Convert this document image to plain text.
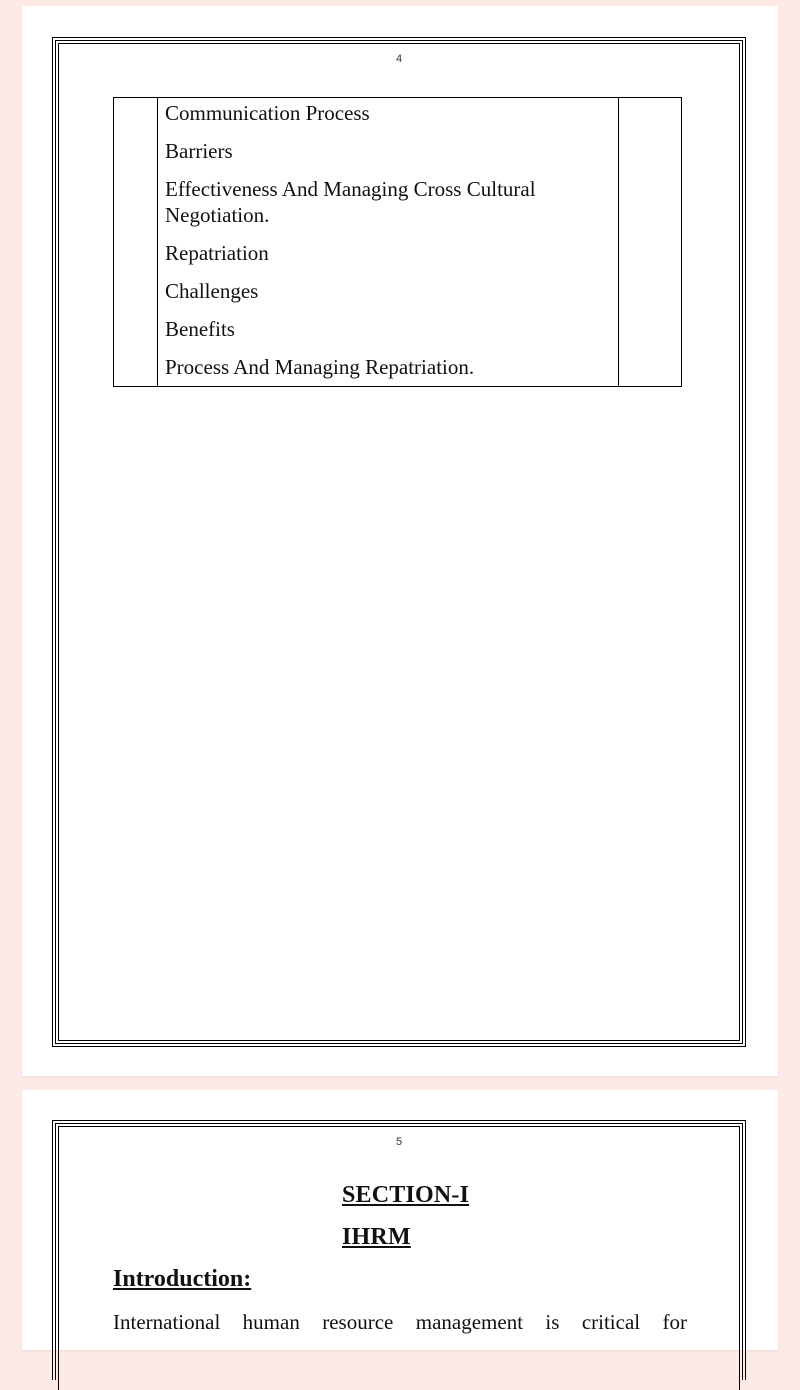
4

Communication Process
Barriers
Effectiveness And Managing Cross Cultural Negotiation.
Repatriation
Challenges
Benefits
Process And Managing Repatriation.

5
SECTION-I
IHRM
Introduction:
International human resource management is critical for
